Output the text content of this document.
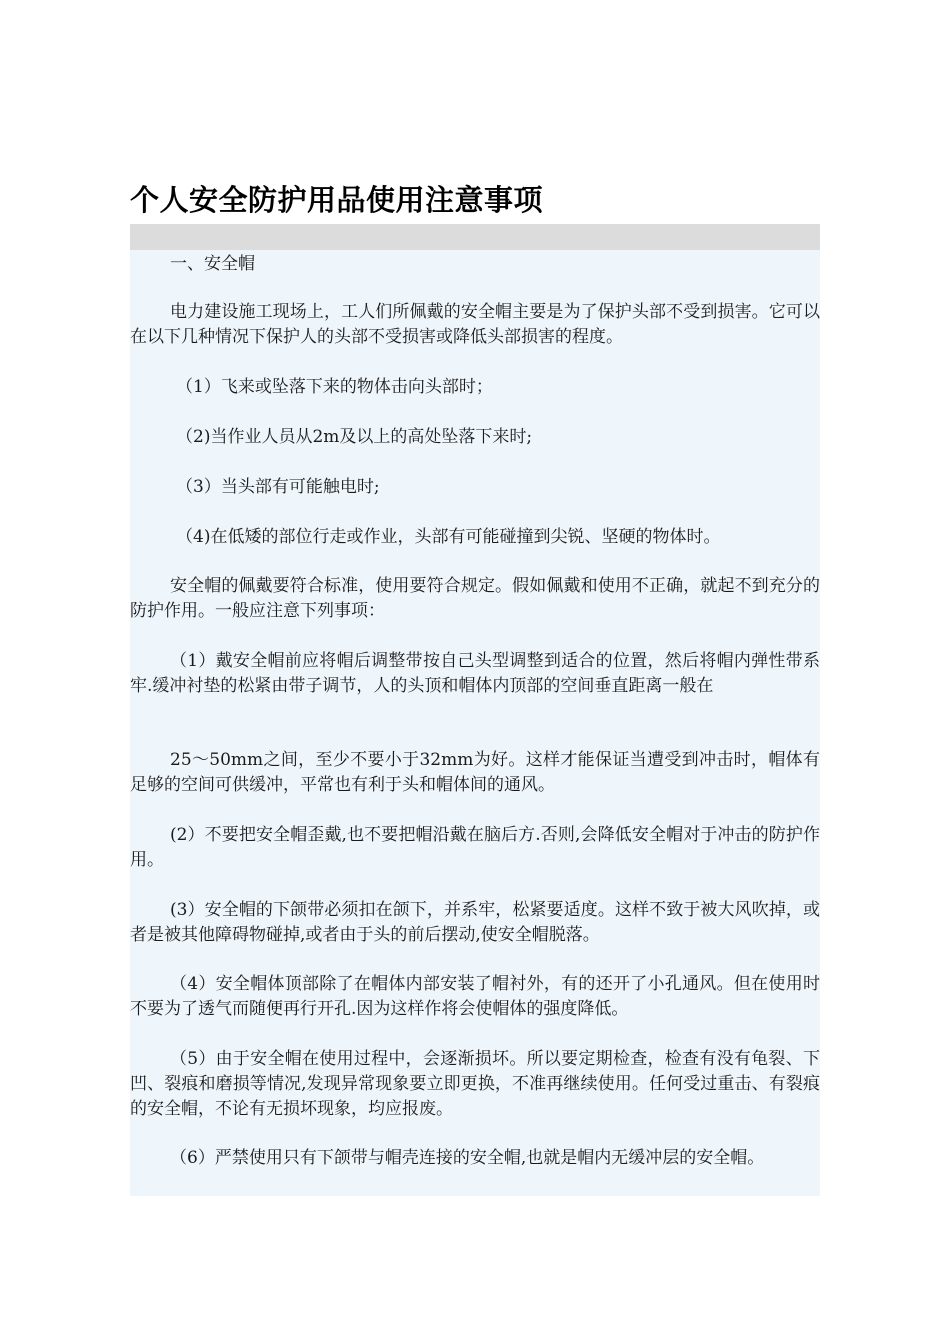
个人安全防护用品使用注意事项

一、安全帽

电力建设施工现场上，工人们所佩戴的安全帽主要是为了保护头部不受到损害。它可以在以下几种情况下保护人的头部不受损害或降低头部损害的程度。

（1）飞来或坠落下来的物体击向头部时；

（2)当作业人员从2m及以上的高处坠落下来时;

（3）当头部有可能触电时;

（4)在低矮的部位行走或作业，头部有可能碰撞到尖锐、坚硬的物体时。

安全帽的佩戴要符合标准，使用要符合规定。假如佩戴和使用不正确，就起不到充分的防护作用。一般应注意下列事项：

（1）戴安全帽前应将帽后调整带按自己头型调整到适合的位置，然后将帽内弹性带系牢.缓冲衬垫的松紧由带子调节，人的头顶和帽体内顶部的空间垂直距离一般在

25～50mm之间，至少不要小于32mm为好。这样才能保证当遭受到冲击时，帽体有足够的空间可供缓冲，平常也有利于头和帽体间的通风。

(2）不要把安全帽歪戴,也不要把帽沿戴在脑后方.否则,会降低安全帽对于冲击的防护作用。

(3）安全帽的下颌带必须扣在颌下，并系牢，松紧要适度。这样不致于被大风吹掉，或者是被其他障碍物碰掉,或者由于头的前后摆动,使安全帽脱落。

（4）安全帽体顶部除了在帽体内部安装了帽衬外，有的还开了小孔通风。但在使用时不要为了透气而随便再行开孔.因为这样作将会使帽体的强度降低。

（5）由于安全帽在使用过程中，会逐渐损坏。所以要定期检查，检查有没有龟裂、下凹、裂痕和磨损等情况,发现异常现象要立即更换，不准再继续使用。任何受过重击、有裂痕的安全帽，不论有无损坏现象，均应报废。

（6）严禁使用只有下颌带与帽壳连接的安全帽,也就是帽内无缓冲层的安全帽。
